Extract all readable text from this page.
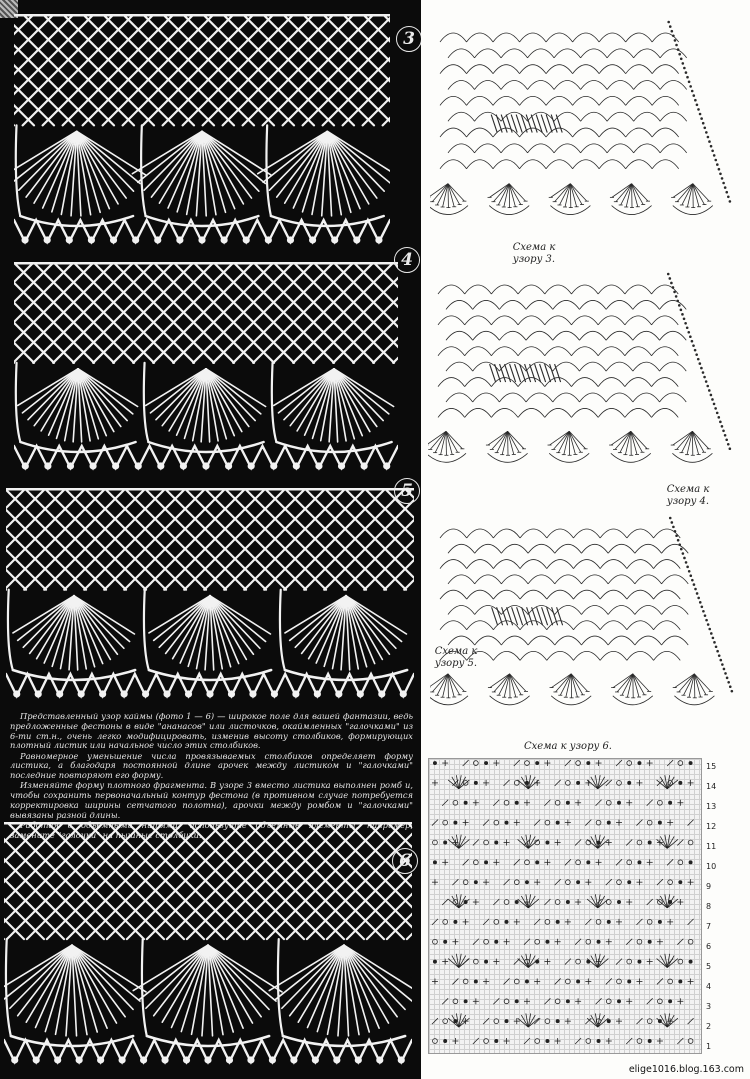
3
4
5

Представленный узор каймы (фото 1 — 6) — широкое поле для вашей фантазии, ведь предложенные фестоны в виде "ананасов" или листочков, окаймленных "галочками" из 6-ти ст.н., очень легко модифицировать, изменив высоту столбиков, формирующих плотный листик или начальное число этих столбиков.

Равномерное уменьшение числа провязываемых столбиков определяет форму листика, а благодаря постоянной длине арочек между листиком и "галочками" последние повторяют его форму.

Изменяйте форму плотного фрагмента. В узоре 3 вместо листика выполнен ромб и, чтобы сохранить первоначальный контур фестона (в противном случае потребуется корректировка ширины сетчатого полотна), арочки между ромбом и "галочками" вывязаны разной длины.

Работая с объемными нитями, используйте объемные элементы, например, замените "галочки" на пышные столбики.

6
Схема к узору 3.
Схема к узору 4.
Схема к узору 5.
Схема к узору 6.
15
14
13
12
11
10
9
8
7
6
5
4
3
2
1
elige1016.blog.163.com
